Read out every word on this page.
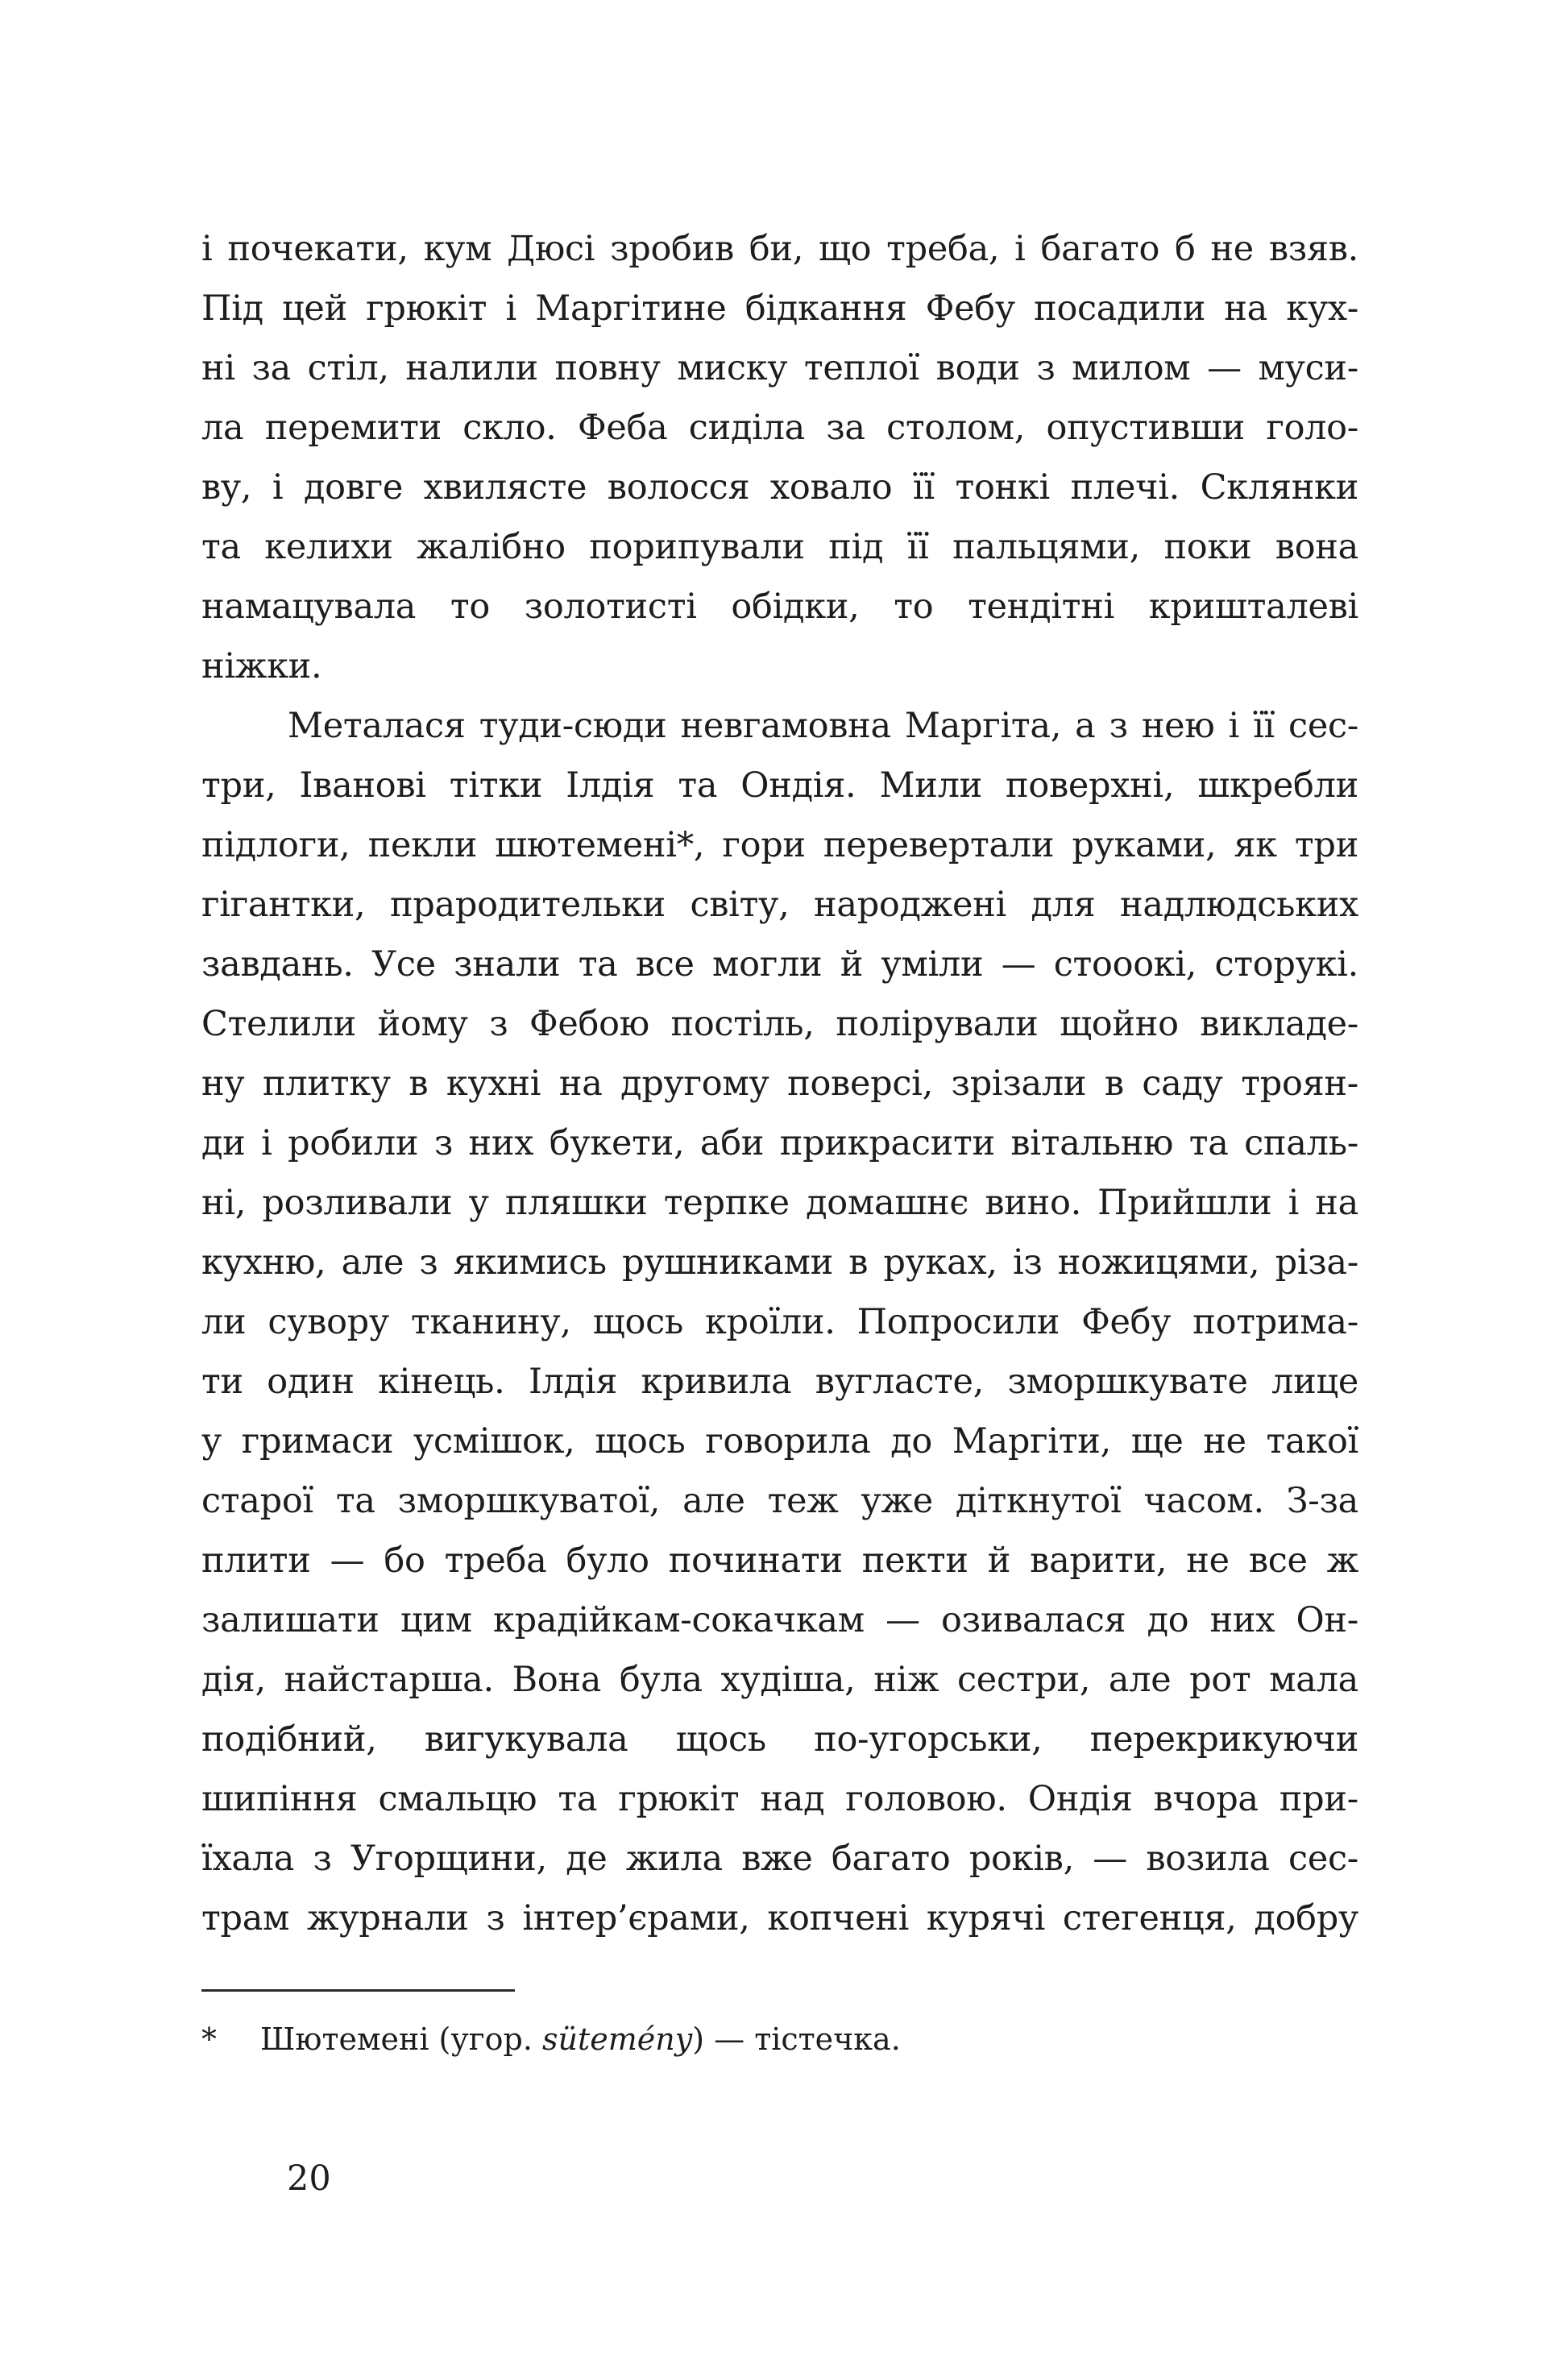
і почекати, кум Дюсі зробив би, що треба, і багато б не взяв.
Під цей грюкіт і Маргітине бідкання Фебу посадили на кух-
ні за стіл, налили повну миску теплої води з милом — муси-
ла перемити скло. Феба сиділа за столом, опустивши голо-
ву, і довге хвилясте волосся ховало її тонкі плечі. Склянки
та келихи жалібно порипували під її пальцями, поки вона
намацувала то золотисті обідки, то тендітні кришталеві
ніжки.
Металася туди-сюди невгамовна Маргіта, а з нею і її сес-
три, Іванові тітки Ілдія та Ондія. Мили поверхні, шкребли
підлоги, пекли шютемені*, гори перевертали руками, як три
гігантки, прародительки світу, народжені для надлюдських
завдань. Усе знали та все могли й уміли — стооокі, сторукі.
Стелили йому з Фебою постіль, полірували щойно викладе-
ну плитку в кухні на другому поверсі, зрізали в саду троян-
ди і робили з них букети, аби прикрасити вітальню та спаль-
ні, розливали у пляшки терпке домашнє вино. Прийшли і на
кухню, але з якимись рушниками в руках, із ножицями, різа-
ли сувору тканину, щось кроїли. Попросили Фебу потрима-
ти один кінець. Ілдія кривила вугласте, зморшкувате лице
у гримаси усмішок, щось говорила до Маргіти, ще не такої
старої та зморшкуватої, але теж уже діткнутої часом. З-за
плити — бо треба було починати пекти й варити, не все ж
залишати цим крадійкам-сокачкам — озивалася до них Он-
дія, найстарша. Вона була худіша, ніж сестри, але рот мала
подібний, вигукувала щось по-угорськи, перекрикуючи
шипіння смальцю та грюкіт над головою. Ондія вчора при-
їхала з Угорщини, де жила вже багато років, — возила сес-
трам журнали з інтер’єрами, копчені курячі стегенця, добру
* Шютемені (угор. sütemény) — тістечка.
20
